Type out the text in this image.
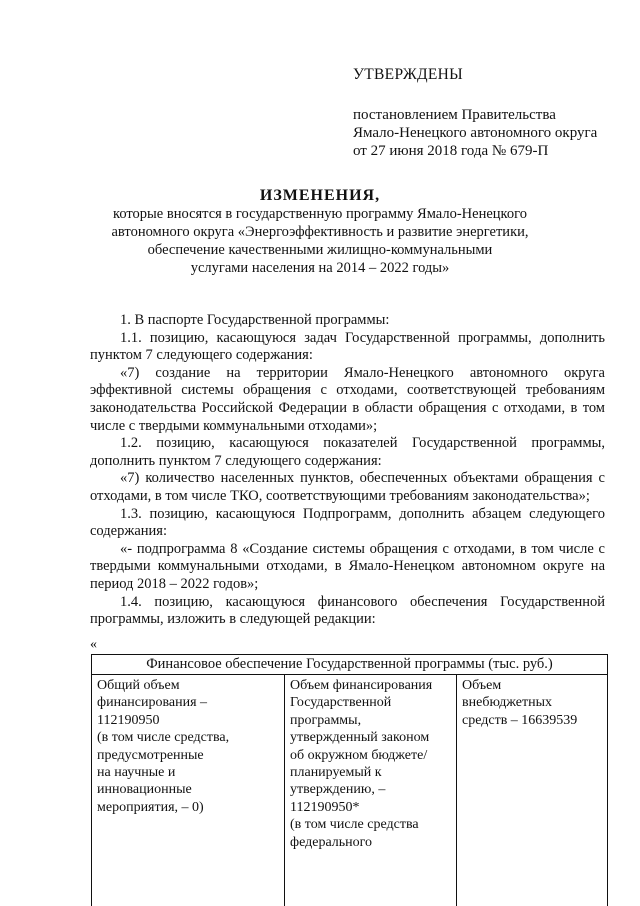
УТВЕРЖДЕНЫ
постановлением Правительства
Ямало-Ненецкого автономного округа
от 27 июня 2018 года № 679-П
ИЗМЕНЕНИЯ,
которые вносятся в государственную программу Ямало-Ненецкого
автономного округа «Энергоэффективность и развитие энергетики,
обеспечение качественными жилищно-коммунальными
услугами населения на 2014 – 2022 годы»

1. В паспорте Государственной программы:

1.1. позицию, касающуюся задач Государственной программы, дополнить пунктом 7 следующего содержания:

«7) создание на территории Ямало-Ненецкого автономного округа эффективной системы обращения с отходами, соответствующей требованиям законодательства Российской Федерации в области обращения с отходами, в том числе с твердыми коммунальными отходами»;

1.2. позицию, касающуюся показателей Государственной программы, дополнить пунктом 7 следующего содержания:

«7) количество населенных пунктов, обеспеченных объектами обращения с отходами, в том числе ТКО, соответствующими требованиям законодательства»;

1.3. позицию, касающуюся Подпрограмм, дополнить абзацем следующего содержания:

«- подпрограмма 8 «Создание системы обращения с отходами, в том числе с твердыми коммунальными отходами, в Ямало-Ненецком автономном округе на период 2018 – 2022 годов»;

1.4. позицию, касающуюся финансового обеспечения Государственной программы, изложить в следующей редакции:

«
Финансовое обеспечение Государственной программы (тыс. руб.)
Общий объем
финансирования –
112190950
(в том числе средства,
предусмотренные
на научные и
инновационные
мероприятия, – 0)
Объем финансирования
Государственной
программы,
утвержденный законом
об окружном бюджете/
планируемый к
утверждению, –
112190950*
(в том числе средства
федерального
Объем
внебюджетных
средств – 16639539
